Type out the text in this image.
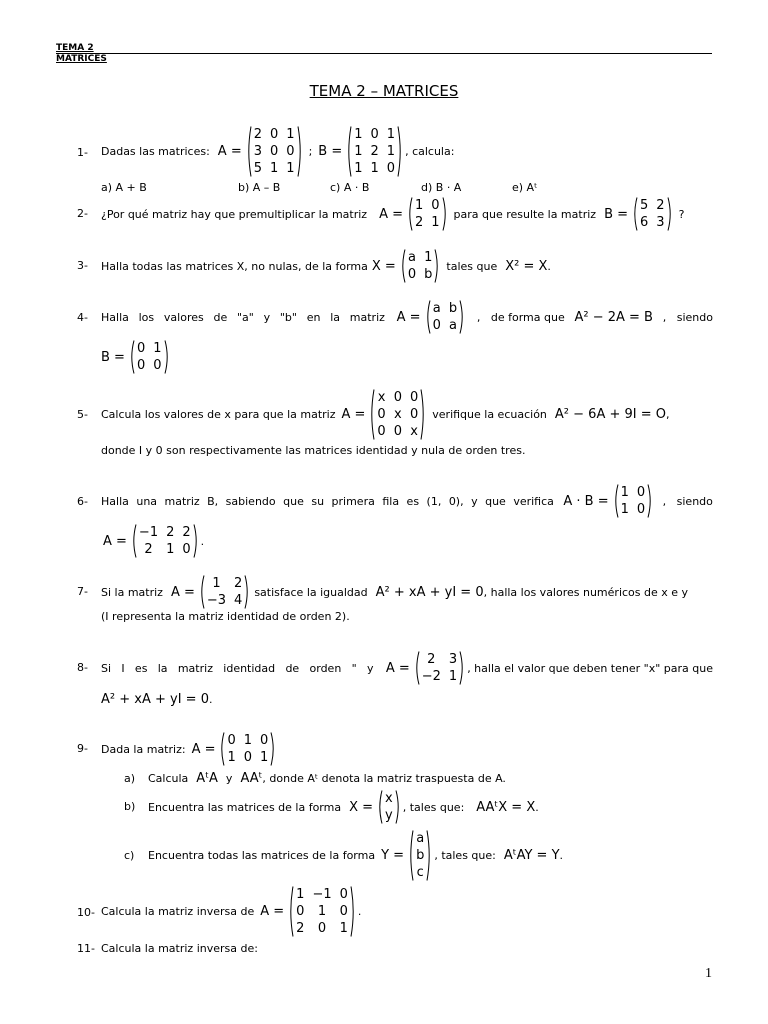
TEMA 2
MATRICES
TEMA 2 – MATRICES
1- Dadas las matrices: A =
2 0 1
3 0 0
5 1 1
; B =
1 0 1
1 2 1
1 1 0
, calcula:
a) A + B	b) A – B	c) A · B	d) B · A	e) Aᵗ
2- ¿Por qué matriz hay que premultiplicar la matriz A =
1 0
2 1
para que resulte la matriz B =
5 2
6 3
?
3- Halla todas las matrices X, no nulas, de la forma X =
a 1
0 b
tales que X² = X .
4- Halla los valores de "a" y "b" en la matriz A =
a b
0 a
,   de forma que A² − 2A = B ,   siendo
B =
0 1
0 0
5- Calcula los valores de x para que la matriz A =
x 0 0
0 x 0
0 0 x
verifique la ecuación A² − 6A + 9I = O ,
donde I y 0 son respectivamente las matrices identidad y nula de orden tres.
6- Halla una matriz B, sabiendo que su primera fila es (1, 0), y que verifica A · B =
1 0
1 0
,   siendo
A =
−1 2 2
2	1 0
.
7- Si la matriz A =
1	2
−3 4
satisface la igualdad A² + xA + yI = 0 , halla los valores numéricos de x e y
(I representa la matriz identidad de orden 2).
8- Si I es la matriz identidad de orden " y A =
2	3
−2 1
, halla el valor que deben tener "x" para que
A² + xA + yI = 0 .
9- Dada la matriz: A =
0 1 0
1 0 1
a) Calcula AᵗA y AAᵗ , donde Aᵗ denota la matriz traspuesta de A.
b) Encuentra las matrices de la forma X =
x
y
, tales que: AAᵗX = X .
c) Encuentra todas las matrices de la forma Y =
a
b
c
, tales que: AᵗAY = Y .
10- Calcula la matriz inversa de A =
1 −1 0
0	1	0
2	0	1
.
11- Calcula la matriz inversa de:
1
